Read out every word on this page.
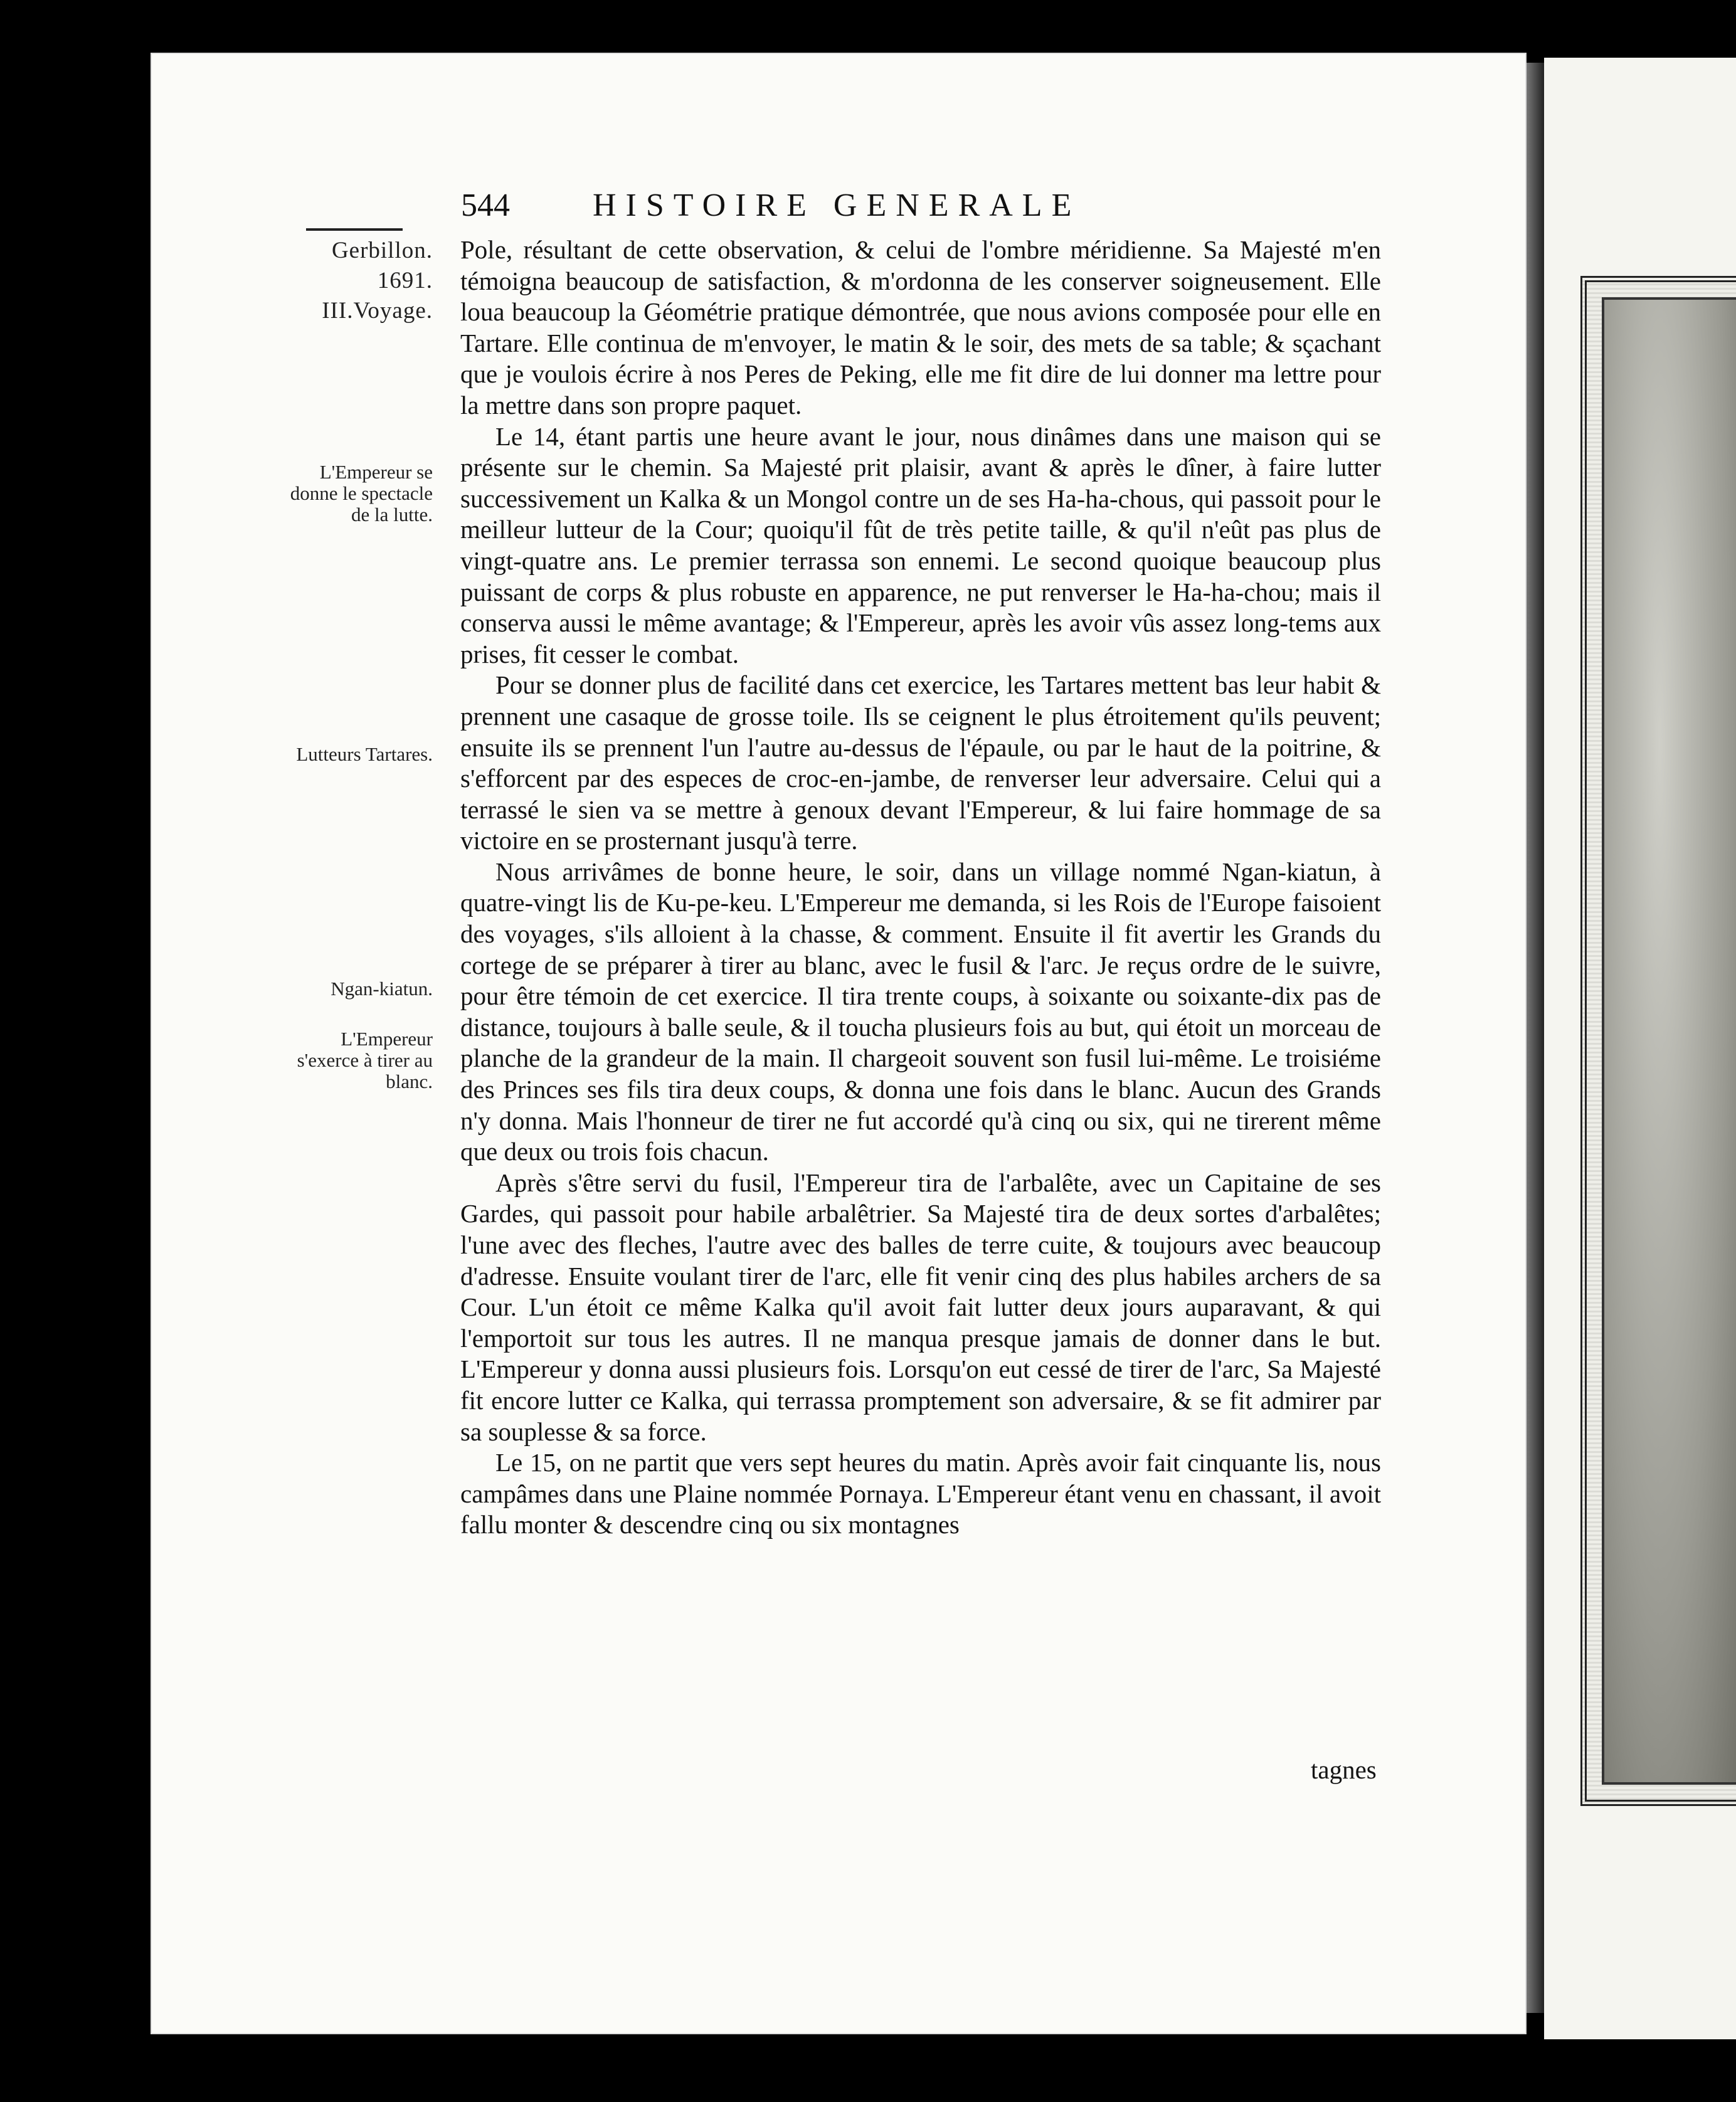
544	HISTOIRE GENERALE
Gerbillon.
1691.
III.Voyage.
L'Empereur se donne le spectacle de la lutte.
Lutteurs Tartares.
Ngan-kiatun.
L'Empereur s'exerce à tirer au blanc.

Pole, résultant de cette observation, & celui de l'ombre méridienne. Sa Majesté m'en témoigna beaucoup de satisfaction, & m'ordonna de les conserver soigneusement. Elle loua beaucoup la Géométrie pratique démontrée, que nous avions composée pour elle en Tartare. Elle continua de m'envoyer, le matin & le soir, des mets de sa table; & sçachant que je voulois écrire à nos Peres de Peking, elle me fit dire de lui donner ma lettre pour la mettre dans son propre paquet.

Le 14, étant partis une heure avant le jour, nous dinâmes dans une maison qui se présente sur le chemin. Sa Majesté prit plaisir, avant & après le dîner, à faire lutter successivement un Kalka & un Mongol contre un de ses Ha-ha-chous, qui passoit pour le meilleur lutteur de la Cour; quoiqu'il fût de très petite taille, & qu'il n'eût pas plus de vingt-quatre ans. Le premier terrassa son ennemi. Le second quoique beaucoup plus puissant de corps & plus robuste en apparence, ne put renverser le Ha-ha-chou; mais il conserva aussi le même avantage; & l'Empereur, après les avoir vûs assez long-tems aux prises, fit cesser le combat.

Pour se donner plus de facilité dans cet exercice, les Tartares mettent bas leur habit & prennent une casaque de grosse toile. Ils se ceignent le plus étroitement qu'ils peuvent; ensuite ils se prennent l'un l'autre au-dessus de l'épaule, ou par le haut de la poitrine, & s'efforcent par des especes de croc-en-jambe, de renverser leur adversaire. Celui qui a terrassé le sien va se mettre à genoux devant l'Empereur, & lui faire hommage de sa victoire en se prosternant jusqu'à terre.

Nous arrivâmes de bonne heure, le soir, dans un village nommé Ngan-kiatun, à quatre-vingt lis de Ku-pe-keu. L'Empereur me demanda, si les Rois de l'Europe faisoient des voyages, s'ils alloient à la chasse, & comment. Ensuite il fit avertir les Grands du cortege de se préparer à tirer au blanc, avec le fusil & l'arc. Je reçus ordre de le suivre, pour être témoin de cet exercice. Il tira trente coups, à soixante ou soixante-dix pas de distance, toujours à balle seule, & il toucha plusieurs fois au but, qui étoit un morceau de planche de la grandeur de la main. Il chargeoit souvent son fusil lui-même. Le troisiéme des Princes ses fils tira deux coups, & donna une fois dans le blanc. Aucun des Grands n'y donna. Mais l'honneur de tirer ne fut accordé qu'à cinq ou six, qui ne tirerent même que deux ou trois fois chacun.

Après s'être servi du fusil, l'Empereur tira de l'arbalête, avec un Capitaine de ses Gardes, qui passoit pour habile arbalêtrier. Sa Majesté tira de deux sortes d'arbalêtes; l'une avec des fleches, l'autre avec des balles de terre cuite, & toujours avec beaucoup d'adresse. Ensuite voulant tirer de l'arc, elle fit venir cinq des plus habiles archers de sa Cour. L'un étoit ce même Kalka qu'il avoit fait lutter deux jours auparavant, & qui l'emportoit sur tous les autres. Il ne manqua presque jamais de donner dans le but. L'Empereur y donna aussi plusieurs fois. Lorsqu'on eut cessé de tirer de l'arc, Sa Majesté fit encore lutter ce Kalka, qui terrassa promptement son adversaire, & se fit admirer par sa souplesse & sa force.

Le 15, on ne partit que vers sept heures du matin. Après avoir fait cinquante lis, nous campâmes dans une Plaine nommée Pornaya. L'Empereur étant venu en chassant, il avoit fallu monter & descendre cinq ou six montagnes

tagnes
